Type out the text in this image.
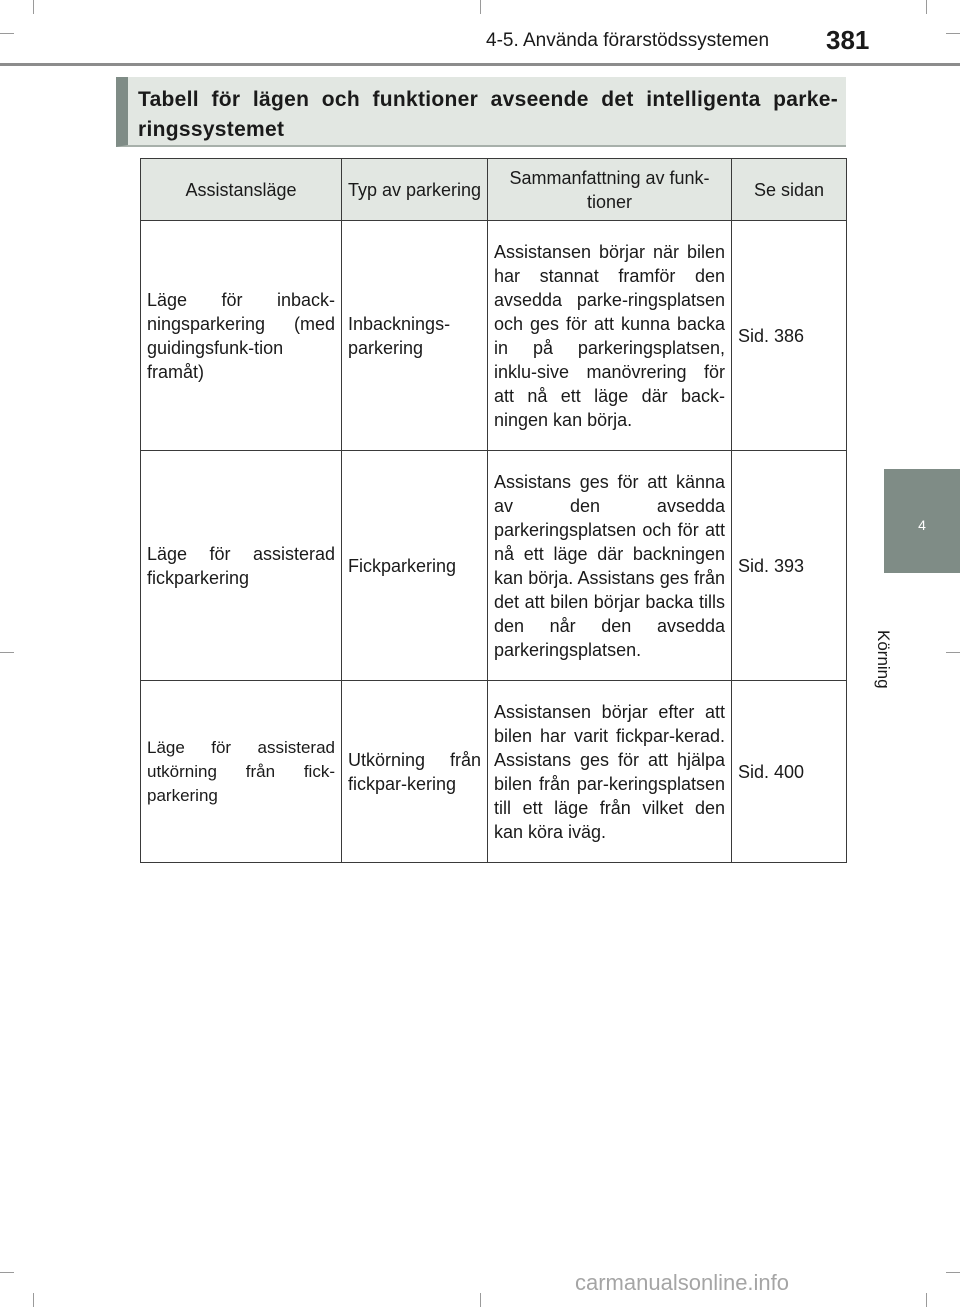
4-5. Använda förarstödssystemen 381
4
Körning
Tabell för lägen och funktioner avseende det intelligenta parke-ringssystemet
Assistansläge	Typ av parkering	Sammanfattning av funk-tioner	Se sidan
Läge för inback-ningsparkering (med guidingsfunk-tion framåt)	Inbacknings-parkering	Assistansen börjar när bilen har stannat framför den avsedda parke-ringsplatsen och ges för att kunna backa in på parkeringsplatsen, inklu-sive manövrering för att nå ett läge där back-ningen kan börja.	Sid. 386
Läge för assisterad fickparkering	Fickparkering	Assistans ges för att känna av den avsedda parkeringsplatsen och för att nå ett läge där backningen kan börja. Assistans ges från det att bilen börjar backa tills den når den avsedda parkeringsplatsen.	Sid. 393
Läge för assisterad utkörning från fick-parkering	Utkörning från fickpar-kering	Assistansen börjar efter att bilen har varit fickpar-kerad. Assistans ges för att hjälpa bilen från par-keringsplatsen till ett läge från vilket den kan köra iväg.	Sid. 400
carmanualsonline.info
